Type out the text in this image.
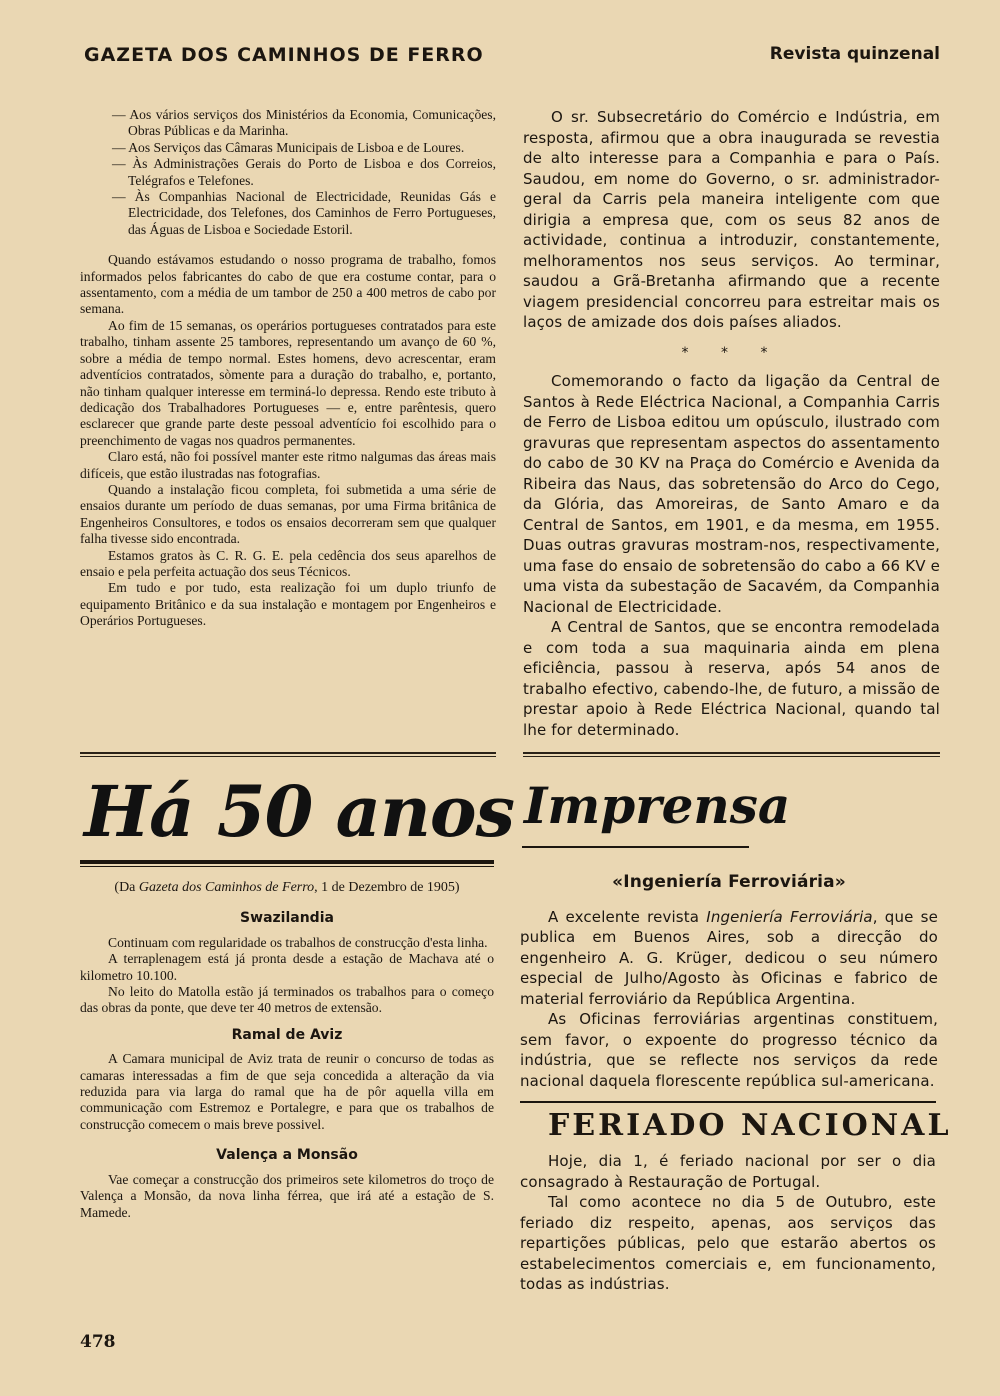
GAZETA DOS CAMINHOS DE FERRO	Revista quinzenal

— Aos vários serviços dos Ministérios da Economia, Comunicações, Obras Públicas e da Marinha.

— Aos Serviços das Câmaras Municipais de Lisboa e de Loures.

— Às Administrações Gerais do Porto de Lisboa e dos Correios, Telégrafos e Telefones.

— Às Companhias Nacional de Electricidade, Reunidas Gás e Electricidade, dos Telefones, dos Caminhos de Ferro Portugueses, das Águas de Lisboa e Sociedade Estoril.

Quando estávamos estudando o nosso programa de trabalho, fomos informados pelos fabricantes do cabo de que era costume contar, para o assentamento, com a média de um tambor de 250 a 400 metros de cabo por semana.

Ao fim de 15 semanas, os operários portugueses contratados para este trabalho, tinham assente 25 tambores, representando um avanço de 60 %, sobre a média de tempo normal. Estes homens, devo acrescentar, eram adventícios contratados, sòmente para a duração do trabalho, e, portanto, não tinham qualquer interesse em terminá-lo depressa. Rendo este tributo à dedicação dos Trabalhadores Portugueses — e, entre parêntesis, quero esclarecer que grande parte deste pessoal adventício foi escolhido para o preenchimento de vagas nos quadros permanentes.

Claro está, não foi possível manter este ritmo nalgumas das áreas mais difíceis, que estão ilustradas nas fotografias.

Quando a instalação ficou completa, foi submetida a uma série de ensaios durante um período de duas semanas, por uma Firma britânica de Engenheiros Consultores, e todos os ensaios decorreram sem que qualquer falha tivesse sido encontrada.

Estamos gratos às C. R. G. E. pela cedência dos seus aparelhos de ensaio e pela perfeita actuação dos seus Técnicos.

Em tudo e por tudo, esta realização foi um duplo triunfo de equipamento Britânico e da sua instalação e montagem por Engenheiros e Operários Portugueses.

O sr. Subsecretário do Comércio e Indústria, em resposta, afirmou que a obra inaugurada se revestia de alto interesse para a Companhia e para o País. Saudou, em nome do Governo, o sr. administrador-geral da Carris pela maneira inteligente com que dirigia a empresa que, com os seus 82 anos de actividade, continua a introduzir, constantemente, melhoramentos nos seus serviços. Ao terminar, saudou a Grã-Bretanha afirmando que a recente viagem presidencial concorreu para estreitar mais os laços de amizade dos dois países aliados.

* * *

Comemorando o facto da ligação da Central de Santos à Rede Eléctrica Nacional, a Companhia Carris de Ferro de Lisboa editou um opúsculo, ilustrado com gravuras que representam aspectos do assentamento do cabo de 30 KV na Praça do Comércio e Avenida da Ribeira das Naus, das sobretensão do Arco do Cego, da Glória, das Amoreiras, de Santo Amaro e da Central de Santos, em 1901, e da mesma, em 1955. Duas outras gravuras mostram-nos, respectivamente, uma fase do ensaio de sobretensão do cabo a 66 KV e uma vista da subestação de Sacavém, da Companhia Nacional de Electricidade.

A Central de Santos, que se encontra remodelada e com toda a sua maquinaria ainda em plena eficiência, passou à reserva, após 54 anos de trabalho efectivo, cabendo-lhe, de futuro, a missão de prestar apoio à Rede Eléctrica Nacional, quando tal lhe for determinado.

Há 50 anos
(Da Gazeta dos Caminhos de Ferro, 1 de Dezembro de 1905)
Swazilandia

Continuam com regularidade os trabalhos de construcção d'esta linha.

A terraplenagem está já pronta desde a estação de Machava até o kilometro 10.100.

No leito do Matolla estão já terminados os trabalhos para o começo das obras da ponte, que deve ter 40 metros de extensão.

Ramal de Aviz

A Camara municipal de Aviz trata de reunir o concurso de todas as camaras interessadas a fim de que seja concedida a alteração da via reduzida para via larga do ramal que ha de pôr aquella villa em communicação com Estremoz e Portalegre, e para que os trabalhos de construcção comecem o mais breve possivel.

Valença a Monsão

Vae começar a construcção dos primeiros sete kilometros do troço de Valença a Monsão, da nova linha férrea, que irá até a estação de S. Mamede.

Imprensa
«Ingeniería Ferroviária»

A excelente revista Ingeniería Ferroviária, que se publica em Buenos Aires, sob a direcção do engenheiro A. G. Krüger, dedicou o seu número especial de Julho/Agosto às Oficinas e fabrico de material ferroviário da República Argentina.

As Oficinas ferroviárias argentinas constituem, sem favor, o expoente do progresso técnico da indústria, que se reflecte nos serviços da rede nacional daquela florescente república sul-americana.

FERIADO NACIONAL

Hoje, dia 1, é feriado nacional por ser o dia consagrado à Restauração de Portugal.

Tal como acontece no dia 5 de Outubro, este feriado diz respeito, apenas, aos serviços das repartições públicas, pelo que estarão abertos os estabelecimentos comerciais e, em funcionamento, todas as indústrias.

478
